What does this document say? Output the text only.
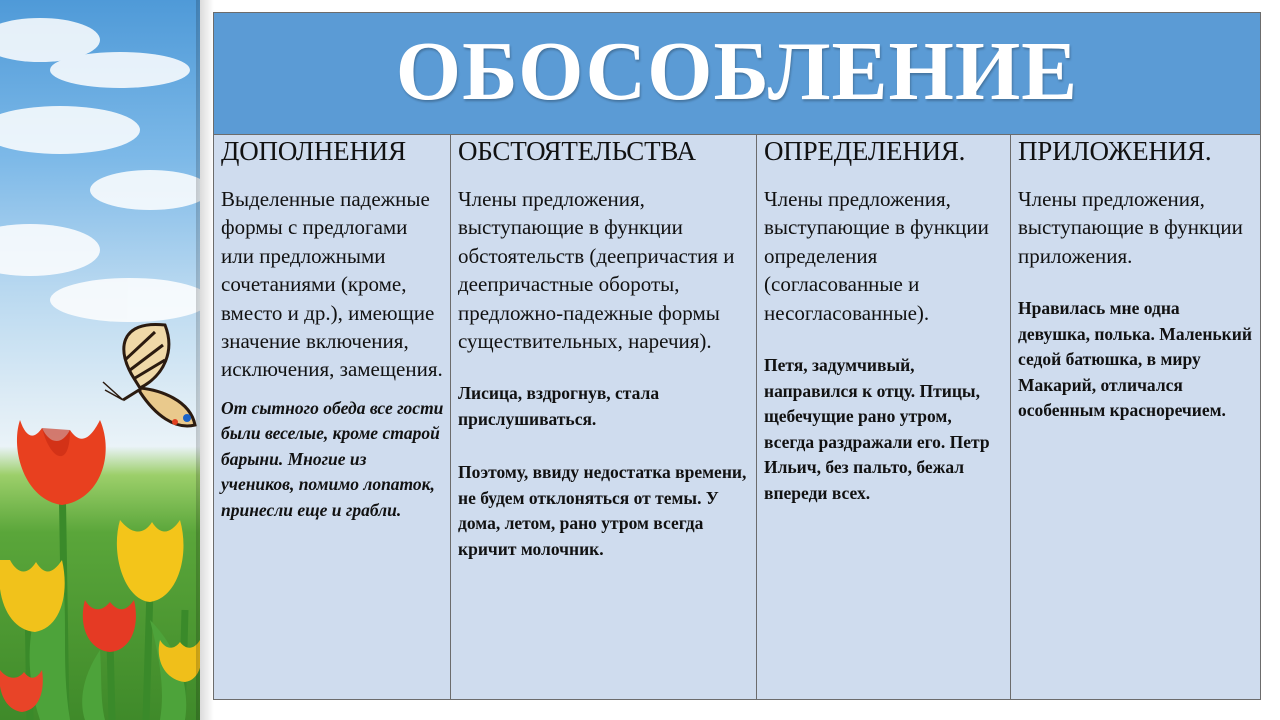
ОБОСОБЛЕНИЕ
ДОПОЛНЕНИЯ
Выделенные падежные формы с предлогами или предложными сочетаниями (кроме, вместо и др.), имеющие значение включения, исключения, замещения.
От сытного обеда все гости были веселые, кроме старой барыни. Многие из учеников, помимо лопаток, принесли еще и грабли.
ОБСТОЯТЕЛЬСТВА
Члены предложения, выступающие в функции обстоятельств (деепричастия и деепричастные обороты, предложно-падежные формы существительных, наречия).
Лисица, вздрогнув, стала прислушиваться.
Поэтому, ввиду недостатка времени, не будем отклоняться от темы. У дома, летом, рано утром всегда кричит молочник.
ОПРЕДЕЛЕНИЯ.
Члены предложения, выступающие в функции определения (согласованные и несогласованные).
Петя, задумчивый, направился к отцу. Птицы, щебечущие рано утром, всегда раздражали его. Петр Ильич, без пальто, бежал впереди всех.
ПРИЛОЖЕНИЯ.
Члены предложения, выступающие в функции приложения.
Нравилась мне одна девушка, полька. Маленький седой батюшка, в миру Макарий, отличался особенным красноречием.
